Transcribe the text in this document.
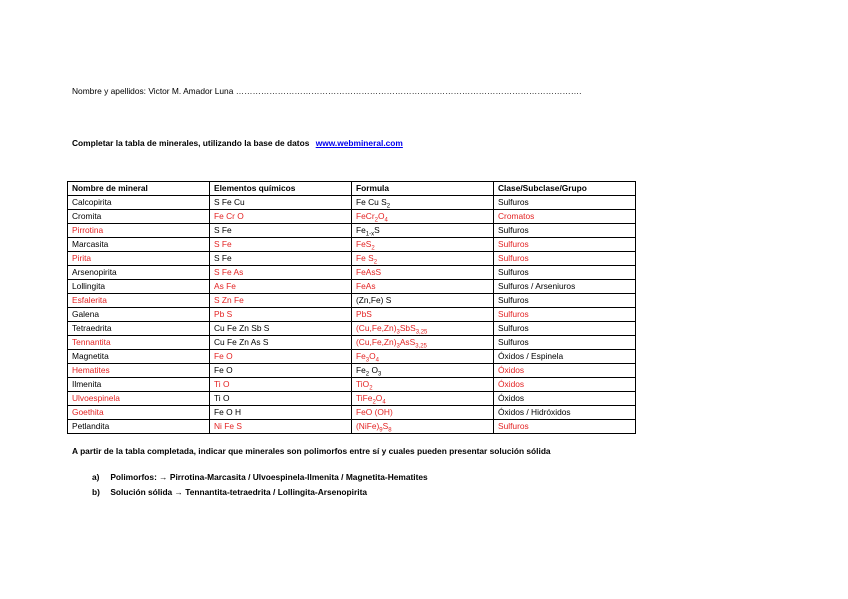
Nombre y apellidos: Victor M. Amador Luna …………………………………………………………………………………………………………….
Completar la tabla de minerales, utilizando la base de datos www.webmineral.com
Nombre de mineral	Elementos químicos	Formula	Clase/Subclase/Grupo
Calcopirita	S Fe Cu	Fe Cu $S_2$	Sulfuros
Cromita	Fe Cr O	$FeCr_2O_4$	Cromatos
Pirrotina	S Fe	$Fe_{1-x}S$	Sulfuros
Marcasita	S Fe	FeS$_2$	Sulfuros
Pirita	S Fe	Fe $S_2$	Sulfuros
Arsenopirita	S Fe As	FeAsS	Sulfuros
Lollingita	As Fe	FeAs	Sulfuros / Arseniuros
Esfalerita	S Zn Fe	(Zn,Fe) S	Sulfuros
Galena	Pb S	PbS	Sulfuros
Tetraedrita	Cu Fe Zn Sb S	$(Cu,Fe,Zn)_3SbS_{3,25}$	Sulfuros
Tennantita	Cu Fe Zn As S	$(Cu,Fe,Zn)_3AsS_{3,25}$	Sulfuros
Magnetita	Fe O	$Fe_3O_4$	Óxidos / Espinela
Hematites	Fe O	$Fe_2$ $O_3$	Óxidos
Ilmenita	Ti O	TiO$_2$	Óxidos
Ulvoespinela	Ti O	$TiFe_2O_4$	Óxidos
Goethita	Fe O H	FeO (OH)	Óxidos / Hidróxidos
Petlandita	Ni Fe S	$(NiFe)_9S_8$	Sulfuros
A partir de la tabla completada, indicar que minerales son polimorfos entre sí y cuales pueden presentar solución sólida
a) Polimorfos: → Pirrotina-Marcasita / Ulvoespinela-Ilmenita / Magnetita-Hematites
b) Solución sólida → Tennantita-tetraedrita / Lollingita-Arsenopirita
